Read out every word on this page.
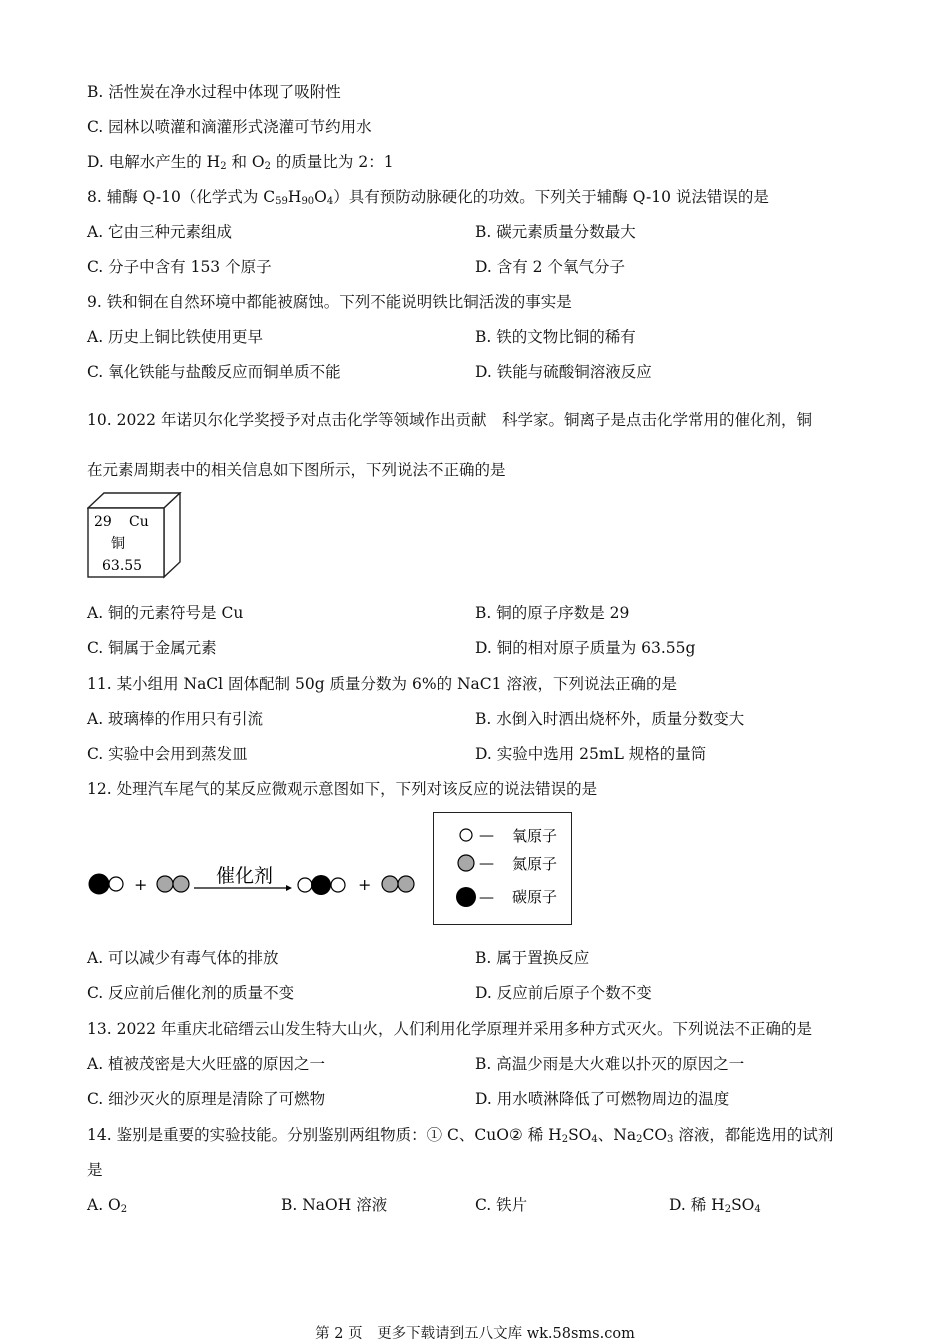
B. 活性炭在净水过程中体现了吸附性
C. 园林以喷灌和滴灌形式浇灌可节约用水
D. 电解水产生的 $H_2$ 和 $O_2$ 的质量比为 2：1
8. 辅酶 Q-10（化学式为 $C_{59}H_{90}O_4$）具有预防动脉硬化的功效。下列关于辅酶 Q-10 说法错误的是
A. 它由三种元素组成	B. 碳元素质量分数最大
C. 分子中含有 153 个原子	D. 含有 2 个氧气分子
9. 铁和铜在自然环境中都能被腐蚀。下列不能说明铁比铜活泼的事实是
A. 历史上铜比铁使用更早	B. 铁的文物比铜的稀有
C. 氧化铁能与盐酸反应而铜单质不能	D. 铁能与硫酸铜溶液反应
10. 2022 年诺贝尔化学奖授予对点击化学等领域作出贡献　科学家。铜离子是点击化学常用的催化剂，铜
在元素周期表中的相关信息如下图所示，下列说法不正确的是
29 Cu
铜
63.55
A. 铜的元素符号是 Cu	B. 铜的原子序数是 29
C. 铜属于金属元素	D. 铜的相对原子质量为 63.55g
11. 某小组用 NaCl 固体配制 50g 质量分数为 6%的 NaC1 溶液，下列说法正确的是
A. 玻璃棒的作用只有引流	B. 水倒入时洒出烧杯外，质量分数变大
C. 实验中会用到蒸发皿	D. 实验中选用 25mL 规格的量筒
12. 处理汽车尾气的某反应微观示意图如下，下列对该反应的说法错误的是
+	催化剂	+
— 氧原子
— 氮原子
— 碳原子
A. 可以减少有毒气体的排放	B. 属于置换反应
C. 反应前后催化剂的质量不变	D. 反应前后原子个数不变
13. 2022 年重庆北碚缙云山发生特大山火，人们利用化学原理并采用多种方式灭火。下列说法不正确的是
A. 植被茂密是大火旺盛的原因之一	B. 高温少雨是大火难以扑灭的原因之一
C. 细沙灭火的原理是清除了可燃物	D. 用水喷淋降低了可燃物周边的温度
14. 鉴别是重要的实验技能。分别鉴别两组物质：① C、CuO② 稀 $H_2SO_4$、$Na_2CO_3$ 溶液，都能选用的试剂
是
A. $O_2$	B. NaOH 溶液	C. 铁片	D. 稀 $H_2SO_4$
第 2 页　更多下载请到五八文库 wk.58sms.com
